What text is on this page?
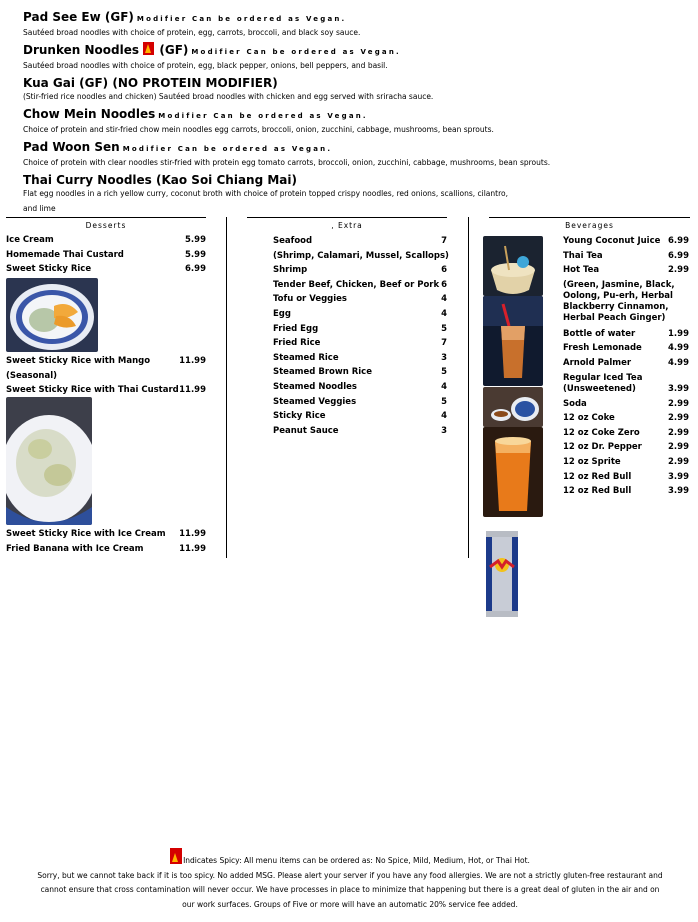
Pad See Ew (GF) Modifier Can be ordered as Vegan.
Sautéed broad noodles with choice of protein, egg, carrots, broccoli, and black soy sauce.
Drunken Noodles (GF) Modifier Can be ordered as Vegan.
Sautéed broad noodles with choice of protein, egg, black pepper, onions, bell peppers, and basil.
Kua Gai (GF) (NO PROTEIN MODIFIER)
(Stir-fried rice noodles and chicken) Sautéed broad noodles with chicken and egg served with sriracha sauce.
Chow Mein Noodles Modifier Can be ordered as Vegan.
Choice of protein and stir-fried chow mein noodles egg carrots, broccoli, onion, zucchini, cabbage, mushrooms, bean sprouts.
Pad Woon Sen Modifier Can be ordered as Vegan.
Choice of protein with clear noodles stir-fried with protein egg tomato carrots, broccoli, onion, zucchini, cabbage, mushrooms, bean sprouts.
Thai Curry Noodles (Kao Soi Chiang Mai)
Flat egg noodles in a rich yellow curry, coconut broth with choice of protein topped crispy noodles, red onions, scallions, cilantro,
and lime
Desserts	, Extra	Beverages
Ice Cream	5.99
Homemade Thai Custard	5.99
Sweet Sticky Rice	6.99
Sweet Sticky Rice with Mango	11.99
(Seasonal)
Sweet Sticky Rice with Thai Custard 11.99
Sweet Sticky Rice with Ice Cream 11.99
Fried Banana with Ice Cream	11.99
Seafood	7
(Shrimp, Calamari, Mussel, Scallops)
Shrimp	6
Tender Beef, Chicken, Beef or Pork 6
Tofu or Veggies	4
Egg	4
Fried Egg	5
Fried Rice	7
Steamed Rice	3
Steamed Brown Rice	5
Steamed Noodles	4
Steamed Veggies	5
Sticky Rice	4
Peanut Sauce	3
Young Coconut Juice 6.99
Thai Tea	6.99
Hot Tea	2.99
(Green, Jasmine, Black,
Oolong, Pu-erh, Herbal
Blackberry Cinnamon,
Herbal Peach Ginger)
Bottle of water	1.99
Fresh Lemonade	4.99
Arnold Palmer	4.99
Regular Iced Tea
(Unsweetened)	3.99
Soda	2.99
12 oz Coke	2.99
12 oz Coke Zero	2.99
12 oz Dr. Pepper	2.99
12 oz Sprite	2.99
12 oz Red Bull	3.99
12 oz Red Bull	3.99
Indicates Spicy: All menu items can be ordered as: No Spice, Mild, Medium, Hot, or Thai Hot.
Sorry, but we cannot take back if it is too spicy. No added MSG. Please alert your server if you have any food allergies. We are not a strictly gluten-free restaurant and
cannot ensure that cross contamination will never occur. We have processes in place to minimize that happening but there is a great deal of gluten in the air and on
our work surfaces. Groups of Five or more will have an automatic 20% service fee added.
